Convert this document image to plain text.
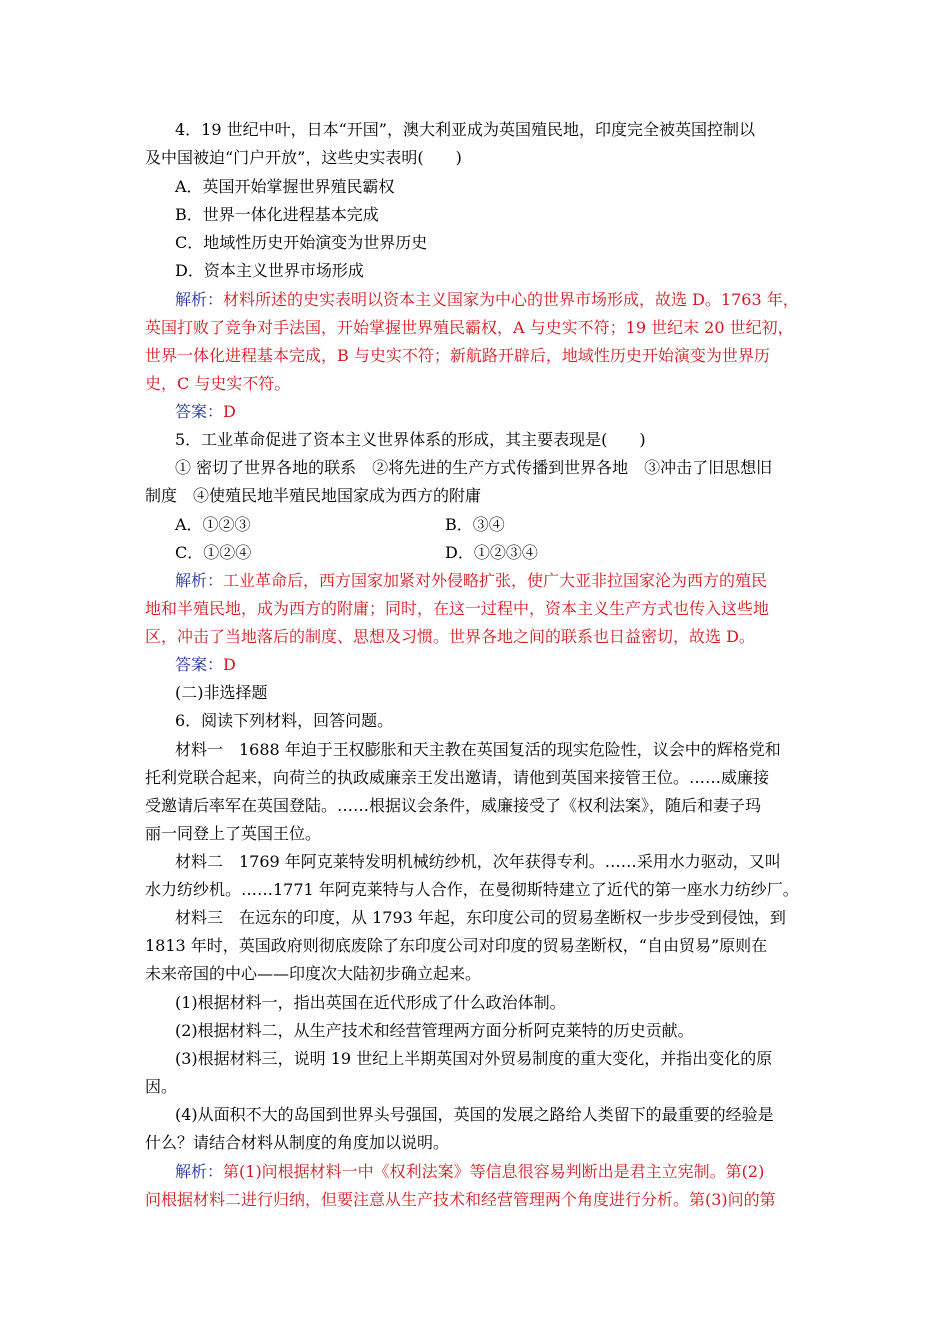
4．19 世纪中叶，日本“开国”，澳大利亚成为英国殖民地，印度完全被英国控制以
及中国被迫“门户开放”，这些史实表明(　　)
A．英国开始掌握世界殖民霸权
B．世界一体化进程基本完成
C．地域性历史开始演变为世界历史
D．资本主义世界市场形成
解析：材料所述的史实表明以资本主义国家为中心的世界市场形成，故选 D。1763 年，
英国打败了竞争对手法国，开始掌握世界殖民霸权，A 与史实不符；19 世纪末 20 世纪初，
世界一体化进程基本完成，B 与史实不符；新航路开辟后，地域性历史开始演变为世界历
史，C 与史实不符。
答案：D
5．工业革命促进了资本主义世界体系的形成，其主要表现是(　　)
① 密切了世界各地的联系　②将先进的生产方式传播到世界各地　③冲击了旧思想旧
制度　④使殖民地半殖民地国家成为西方的附庸
A．①②③	B．③④
C．①②④	D．①②③④
解析：工业革命后，西方国家加紧对外侵略扩张，使广大亚非拉国家沦为西方的殖民
地和半殖民地，成为西方的附庸；同时，在这一过程中，资本主义生产方式也传入这些地
区，冲击了当地落后的制度、思想及习惯。世界各地之间的联系也日益密切，故选 D。
答案：D
(二)非选择题
6．阅读下列材料，回答问题。
材料一　1688 年迫于王权膨胀和天主教在英国复活的现实危险性，议会中的辉格党和
托利党联合起来，向荷兰的执政威廉亲王发出邀请，请他到英国来接管王位。……威廉接
受邀请后率军在英国登陆。……根据议会条件，威廉接受了《权利法案》，随后和妻子玛
丽一同登上了英国王位。
材料二　1769 年阿克莱特发明机械纺纱机，次年获得专利。……采用水力驱动，又叫
水力纺纱机。……1771 年阿克莱特与人合作，在曼彻斯特建立了近代的第一座水力纺纱厂。
材料三　在远东的印度，从 1793 年起，东印度公司的贸易垄断权一步步受到侵蚀，到
1813 年时，英国政府则彻底废除了东印度公司对印度的贸易垄断权，“自由贸易”原则在
未来帝国的中心——印度次大陆初步确立起来。
(1)根据材料一，指出英国在近代形成了什么政治体制。
(2)根据材料二，从生产技术和经营管理两方面分析阿克莱特的历史贡献。
(3)根据材料三，说明 19 世纪上半期英国对外贸易制度的重大变化，并指出变化的原
因。
(4)从面积不大的岛国到世界头号强国，英国的发展之路给人类留下的最重要的经验是
什么？请结合材料从制度的角度加以说明。
解析：第(1)问根据材料一中《权利法案》等信息很容易判断出是君主立宪制。第(2)
问根据材料二进行归纳，但要注意从生产技术和经营管理两个角度进行分析。第(3)问的第
